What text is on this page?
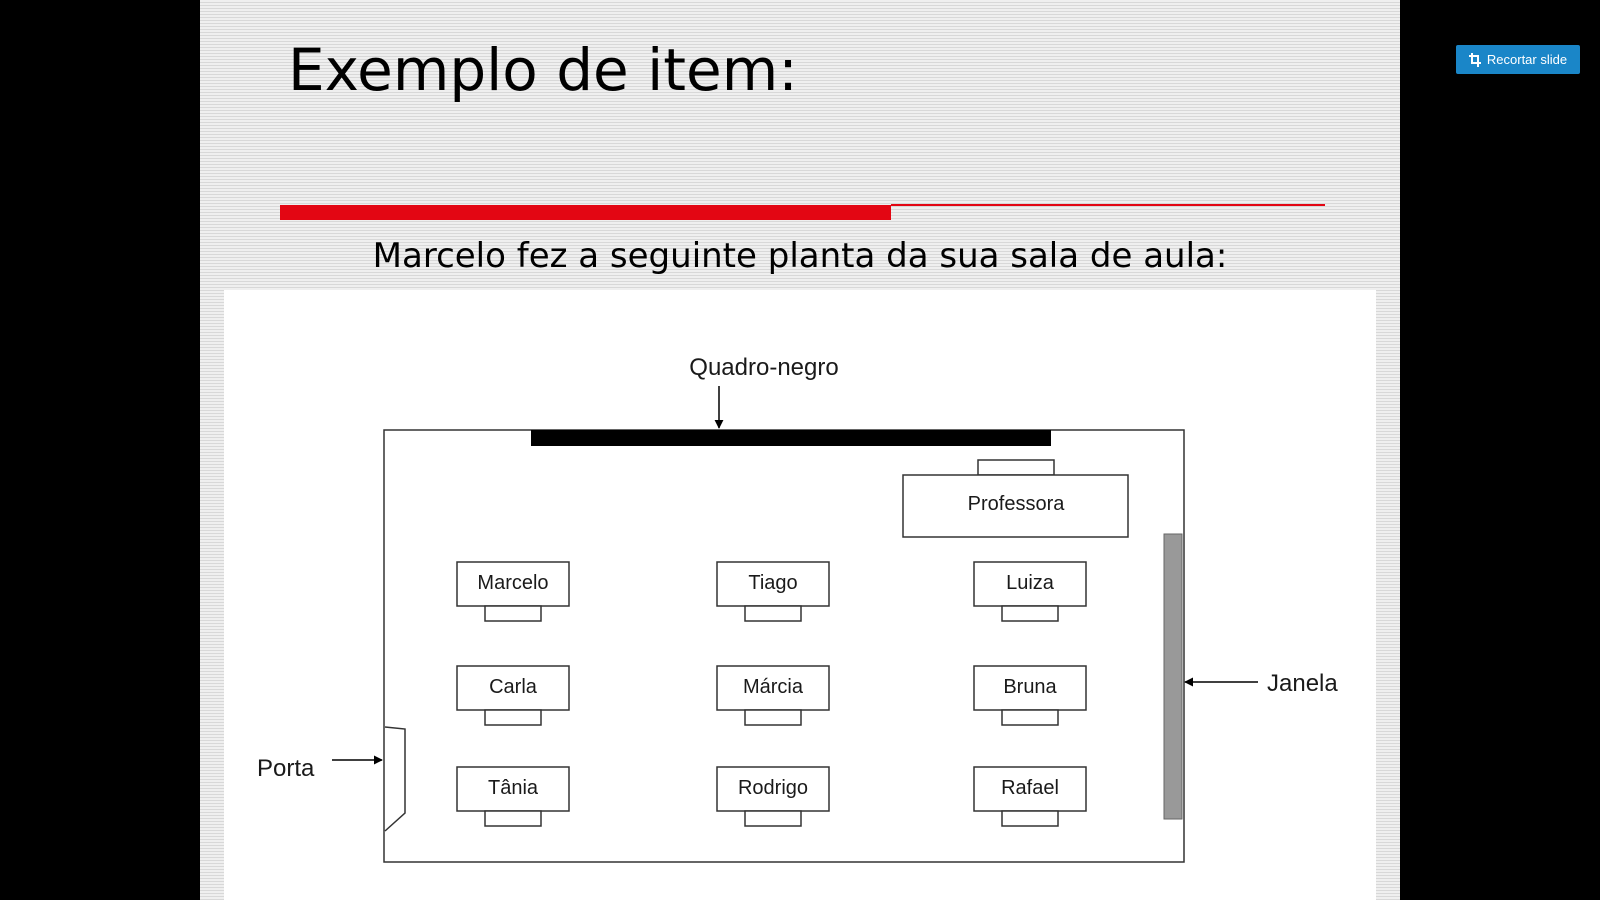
Exemplo de item:
Marcelo fez a seguinte planta da sua sala de aula:
Quadro-negro
Professora
Janela
Porta
Marcelo	Tiago	Luiza
Carla	Márcia	Bruna
Tânia	Rodrigo	Rafael
Recortar slide
